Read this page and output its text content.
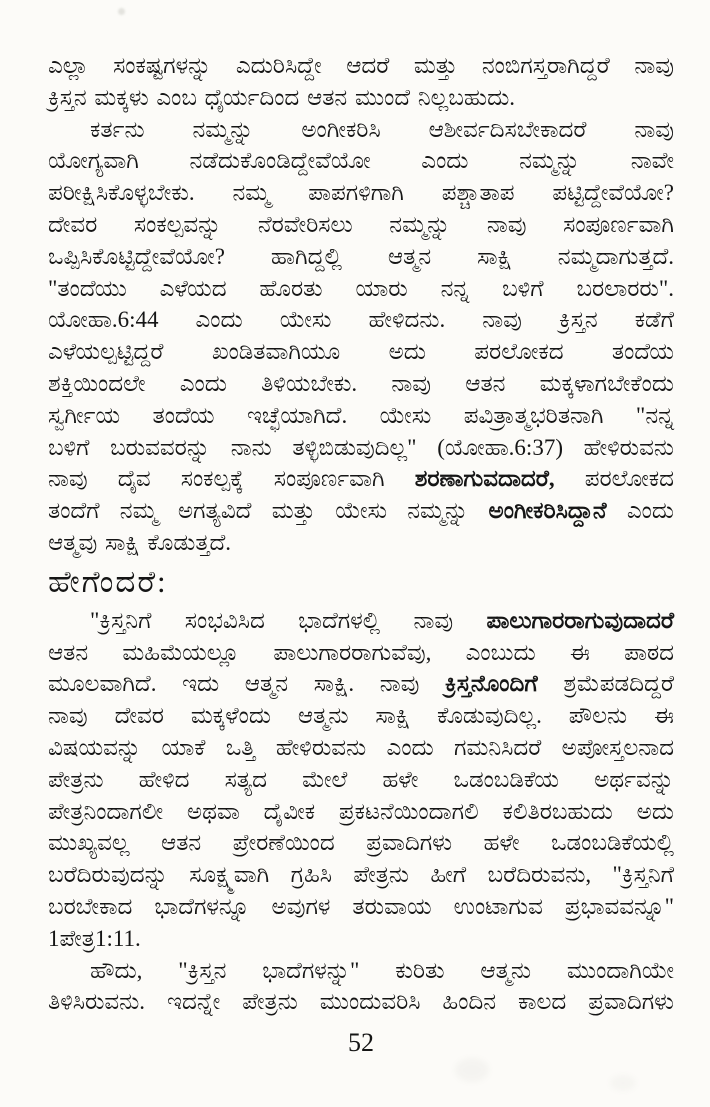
ಎಲ್ಲಾ ಸಂಕಷ್ಟಗಳನ್ನು ಎದುರಿಸಿದ್ದೇ ಆದರೆ ಮತ್ತು ನಂಬಿಗಸ್ತರಾಗಿದ್ದರೆ ನಾವು
ಕ್ರಿಸ್ತನ ಮಕ್ಕಳು ಎಂಬ ಧೈರ್ಯದಿಂದ ಆತನ ಮುಂದೆ ನಿಲ್ಲಬಹುದು.
ಕರ್ತನು ನಮ್ಮನ್ನು ಅಂಗೀಕರಿಸಿ ಆಶೀರ್ವದಿಸಬೇಕಾದರೆ ನಾವು
ಯೋಗ್ಯವಾಗಿ ನಡೆದುಕೊಂಡಿದ್ದೇವೆಯೋ ಎಂದು ನಮ್ಮನ್ನು ನಾವೇ
ಪರೀಕ್ಷಿಸಿಕೊಳ್ಳಬೇಕು. ನಮ್ಮ ಪಾಪಗಳಿಗಾಗಿ ಪಶ್ಚಾತಾಪ ಪಟ್ಟಿದ್ದೇವೆಯೋ?
ದೇವರ ಸಂಕಲ್ಪವನ್ನು ನೆರವೇರಿಸಲು ನಮ್ಮನ್ನು ನಾವು ಸಂಪೂರ್ಣವಾಗಿ
ಒಪ್ಪಿಸಿಕೊಟ್ಟಿದ್ದೇವೆಯೋ? ಹಾಗಿದ್ದಲ್ಲಿ ಆತ್ಮನ ಸಾಕ್ಷಿ ನಮ್ಮದಾಗುತ್ತದೆ.
"ತಂದೆಯು ಎಳೆಯದ ಹೊರತು ಯಾರು ನನ್ನ ಬಳಿಗೆ ಬರಲಾರರು".
ಯೋಹಾ.6:44 ಎಂದು ಯೇಸು ಹೇಳಿದನು. ನಾವು ಕ್ರಿಸ್ತನ ಕಡೆಗೆ
ಎಳೆಯಲ್ಪಟ್ಟಿದ್ದರೆ ಖಂಡಿತವಾಗಿಯೂ ಅದು ಪರಲೋಕದ ತಂದೆಯ
ಶಕ್ತಿಯಿಂದಲೇ ಎಂದು ತಿಳಿಯಬೇಕು. ನಾವು ಆತನ ಮಕ್ಕಳಾಗಬೇಕೆಂದು
ಸ್ವರ್ಗೀಯ ತಂದೆಯ ಇಚ್ಛೆಯಾಗಿದೆ. ಯೇಸು ಪವಿತ್ರಾತ್ಮಭರಿತನಾಗಿ "ನನ್ನ
ಬಳಿಗೆ ಬರುವವರನ್ನು ನಾನು ತಳ್ಳಿಬಿಡುವುದಿಲ್ಲ" (ಯೋಹಾ.6:37) ಹೇಳಿರುವನು
ನಾವು ದೈವ ಸಂಕಲ್ಪಕ್ಕೆ ಸಂಪೂರ್ಣವಾಗಿ ಶರಣಾಗುವದಾದರೆ, ಪರಲೋಕದ
ತಂದೆಗೆ ನಮ್ಮ ಅಗತ್ಯವಿದೆ ಮತ್ತು ಯೇಸು ನಮ್ಮನ್ನು ಅಂಗೀಕರಿಸಿದ್ದಾನೆ ಎಂದು
ಆತ್ಮವು ಸಾಕ್ಷಿ ಕೊಡುತ್ತದೆ.
ಹೇಗೆಂದರೆ:
"ಕ್ರಿಸ್ತನಿಗೆ ಸಂಭವಿಸಿದ ಭಾದೆಗಳಲ್ಲಿ ನಾವು ಪಾಲುಗಾರರಾಗುವುದಾದರೆ
ಆತನ ಮಹಿಮೆಯಲ್ಲೂ ಪಾಲುಗಾರರಾಗುವೆವು, ಎಂಬುದು ಈ ಪಾಠದ
ಮೂಲವಾಗಿದೆ. ಇದು ಆತ್ಮನ ಸಾಕ್ಷಿ. ನಾವು ಕ್ರಿಸ್ತನೊಂದಿಗೆ ಶ್ರಮೆಪಡದಿದ್ದರೆ
ನಾವು ದೇವರ ಮಕ್ಕಳೆಂದು ಆತ್ಮನು ಸಾಕ್ಷಿ ಕೊಡುವುದಿಲ್ಲ. ಪೌಲನು ಈ
ವಿಷಯವನ್ನು ಯಾಕೆ ಒತ್ತಿ ಹೇಳಿರುವನು ಎಂದು ಗಮನಿಸಿದರೆ ಅಪೋಸ್ತಲನಾದ
ಪೇತ್ರನು ಹೇಳಿದ ಸತ್ಯದ ಮೇಲೆ ಹಳೇ ಒಡಂಬಡಿಕೆಯ ಅರ್ಥವನ್ನು
ಪೇತ್ರನಿಂದಾಗಲೀ ಅಥವಾ ದೈವೀಕ ಪ್ರಕಟನೆಯಿಂದಾಗಲಿ ಕಲಿತಿರಬಹುದು ಅದು
ಮುಖ್ಯವಲ್ಲ ಆತನ ಪ್ರೇರಣೆಯಿಂದ ಪ್ರವಾದಿಗಳು ಹಳೇ ಒಡಂಬಡಿಕೆಯಲ್ಲಿ
ಬರೆದಿರುವುದನ್ನು ಸೂಕ್ಷ್ಮವಾಗಿ ಗ್ರಹಿಸಿ ಪೇತ್ರನು ಹೀಗೆ ಬರೆದಿರುವನು, "ಕ್ರಿಸ್ತನಿಗೆ
ಬರಬೇಕಾದ ಭಾದೆಗಳನ್ನೂ ಅವುಗಳ ತರುವಾಯ ಉಂಟಾಗುವ ಪ್ರಭಾವವನ್ನೂ"
1ಪೇತ್ರ1:11.
ಹೌದು, "ಕ್ರಿಸ್ತನ ಭಾದೆಗಳನ್ನು" ಕುರಿತು ಆತ್ಮನು ಮುಂದಾಗಿಯೇ
ತಿಳಿಸಿರುವನು. ಇದನ್ನೇ ಪೇತ್ರನು ಮುಂದುವರಿಸಿ ಹಿಂದಿನ ಕಾಲದ ಪ್ರವಾದಿಗಳು
52
